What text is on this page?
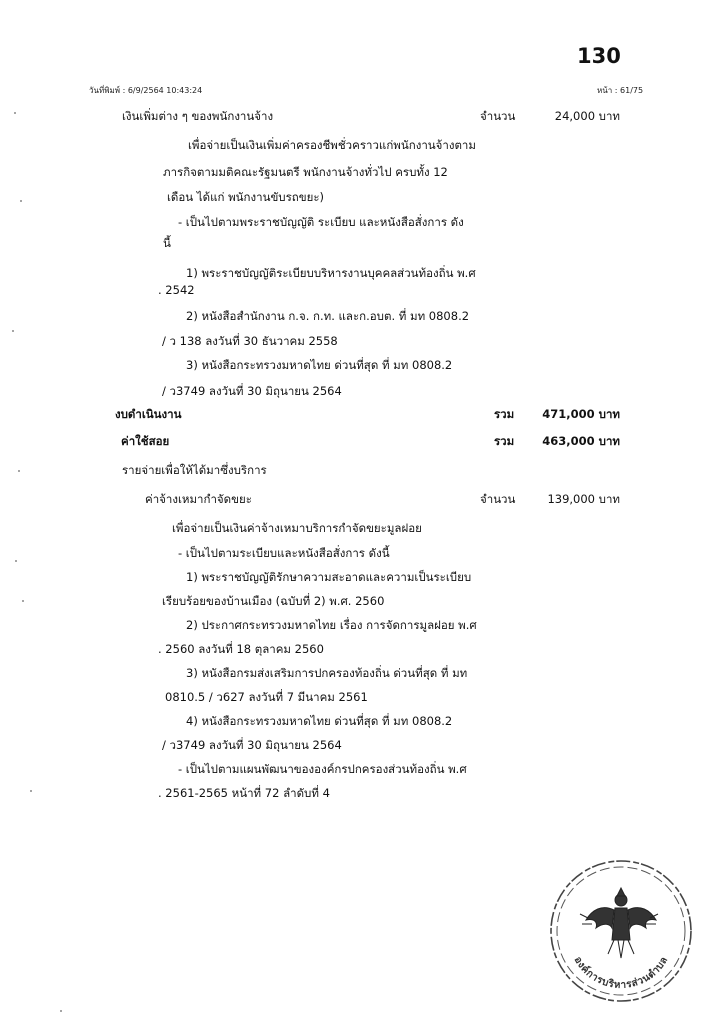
130
วันที่พิมพ์ : 6/9/2564 10:43:24	หน้า : 61/75
เงินเพิ่มต่าง ๆ ของพนักงานจ้าง	จำนวน	24,000 บาท
เพื่อจ่ายเป็นเงินเพิ่มค่าครองชีพชั่วคราวแก่พนักงานจ้างตาม
ภารกิจตามมติคณะรัฐมนตรี พนักงานจ้างทั่วไป ครบทั้ง 12
เดือน ได้แก่ พนักงานขับรถขยะ)
- เป็นไปตามพระราชบัญญัติ ระเบียบ และหนังสือสั่งการ ดัง
นี้
1) พระราชบัญญัติระเบียบบริหารงานบุคคลส่วนท้องถิ่น พ.ศ
. 2542
2) หนังสือสำนักงาน ก.จ. ก.ท. และก.อบต. ที่ มท 0808.2
/ ว 138 ลงวันที่ 30 ธันวาคม 2558
3) หนังสือกระทรวงมหาดไทย ด่วนที่สุด ที่ มท 0808.2
/ ว3749 ลงวันที่ 30 มิถุนายน 2564
งบดำเนินงาน	รวม 471,000 บาท
ค่าใช้สอย	รวม 463,000 บาท
รายจ่ายเพื่อให้ได้มาซึ่งบริการ
ค่าจ้างเหมากำจัดขยะ	จำนวน	139,000 บาท
เพื่อจ่ายเป็นเงินค่าจ้างเหมาบริการกำจัดขยะมูลฝอย
- เป็นไปตามระเบียบและหนังสือสั่งการ ดังนี้
1) พระราชบัญญัติรักษาความสะอาดและความเป็นระเบียบ
เรียบร้อยของบ้านเมือง (ฉบับที่ 2) พ.ศ. 2560
2) ประกาศกระทรวงมหาดไทย เรื่อง การจัดการมูลฝอย พ.ศ
. 2560 ลงวันที่ 18 ตุลาคม 2560
3) หนังสือกรมส่งเสริมการปกครองท้องถิ่น ด่วนที่สุด ที่ มท
0810.5 / ว627 ลงวันที่ 7 มีนาคม 2561
4) หนังสือกระทรวงมหาดไทย ด่วนที่สุด ที่ มท 0808.2
/ ว3749 ลงวันที่ 30 มิถุนายน 2564
- เป็นไปตามแผนพัฒนาขององค์กรปกครองส่วนท้องถิ่น พ.ศ
. 2561-2565 หน้าที่ 72 ลำดับที่ 4
องค์การบริหารส่วนตำบล
